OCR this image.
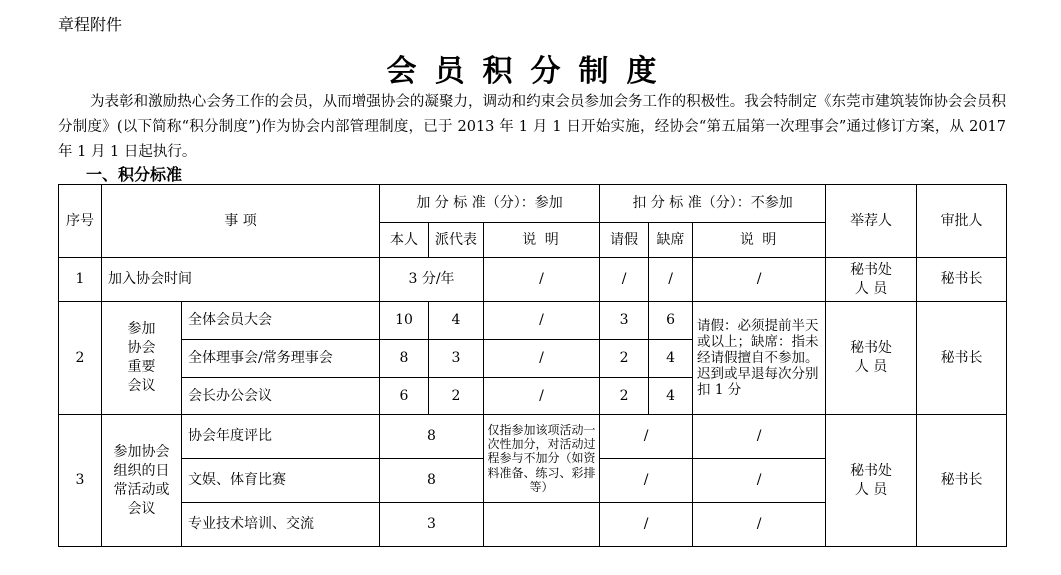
章程附件
会员积分制度
为表彰和激励热心会务工作的会员，从而增强协会的凝聚力，调动和约束会员参加会务工作的积极性。我会特制定《东莞市建筑装饰协会会员积分制度》(以下简称“积分制度”)作为协会内部管理制度，已于 2013 年 1 月 1 日开始实施，经协会“第五届第一次理事会”通过修订方案，从 2017 年 1 月 1 日起执行。
一、积分标准
序号	事 项		加 分 标 准（分）：参加			扣 分 标 准（分）：不参加			举荐人	审批人
			本人	派代表	说 明	请假	缺席	说 明		
1	加入协会时间		3 分/年		/	/	/	/	秘书处人 员	秘书长
2	参加协会重要会议	全体会员大会	10	4	/	3	6	请假：必须提前半天或以上；缺席：指未经请假擅自不参加。迟到或早退每次分别扣 1 分	秘书处人 员	秘书长
		全体理事会/常务理事会	8	3	/	2	4			
		会长办公会议	6	2	/	2	4			
3	参加协会组织的日常活动或会议	协会年度评比	8		仅指参加该项活动一次性加分，对活动过程参与不加分（如资料准备、练习、彩排等）	/		/	秘书处人 员	秘书长
		文娱、体育比赛	8			/		/		
		专业技术培训、交流	3			/		/		
